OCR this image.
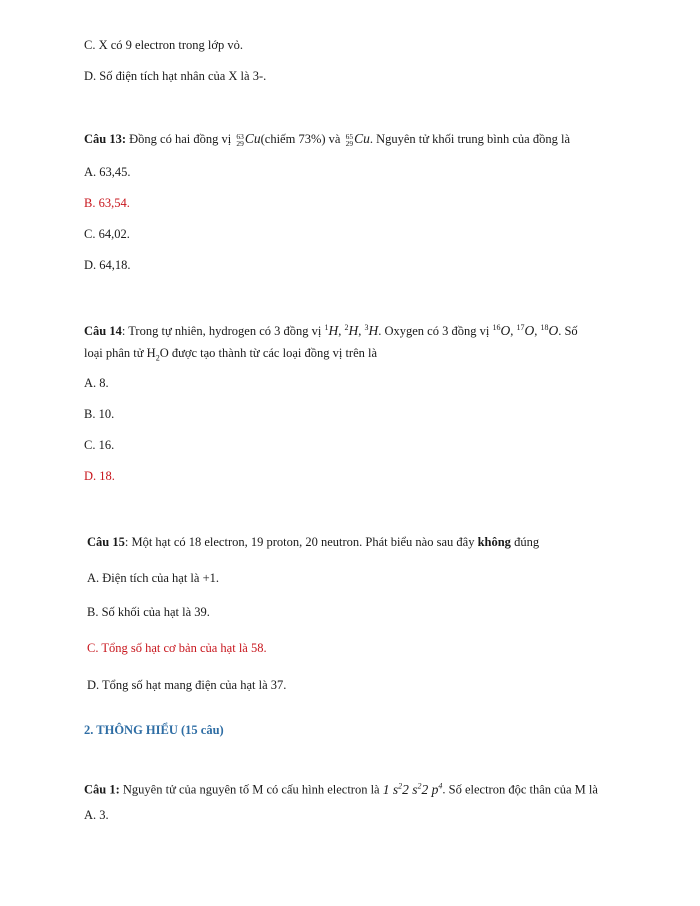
C. X có 9 electron trong lớp vỏ.
D. Số điện tích hạt nhân của X là 3-.
Câu 13: Đồng có hai đồng vị 63
29 Cu(chiếm 73%) và 65
29 Cu. Nguyên tử khối trung bình của đồng là
A. 63,45.
B. 63,54.
C. 64,02.
D. 64,18.
Câu 14: Trong tự nhiên, hydrogen có 3 đồng vị $^1$H, $^2$H, $^3$H. Oxygen có 3 đồng vị $^{16}$O, $^{17}$O, $^{18}$O. Số
loại phân tử $H_2O$ được tạo thành từ các loại đồng vị trên là
A. 8.
B. 10.
C. 16.
D. 18.
Câu 15: Một hạt có 18 electron, 19 proton, 20 neutron. Phát biểu nào sau đây không đúng
A. Điện tích của hạt là +1.
B. Số khối của hạt là 39.
C. Tổng số hạt cơ bản của hạt là 58.
D. Tổng số hạt mang điện của hạt là 37.
2. THÔNG HIỂU (15 câu)
Câu 1: Nguyên tử của nguyên tố M có cấu hình electron là 1 $s^22$ $s^22$ $p^4$. Số electron độc thân của M là
A. 3.
